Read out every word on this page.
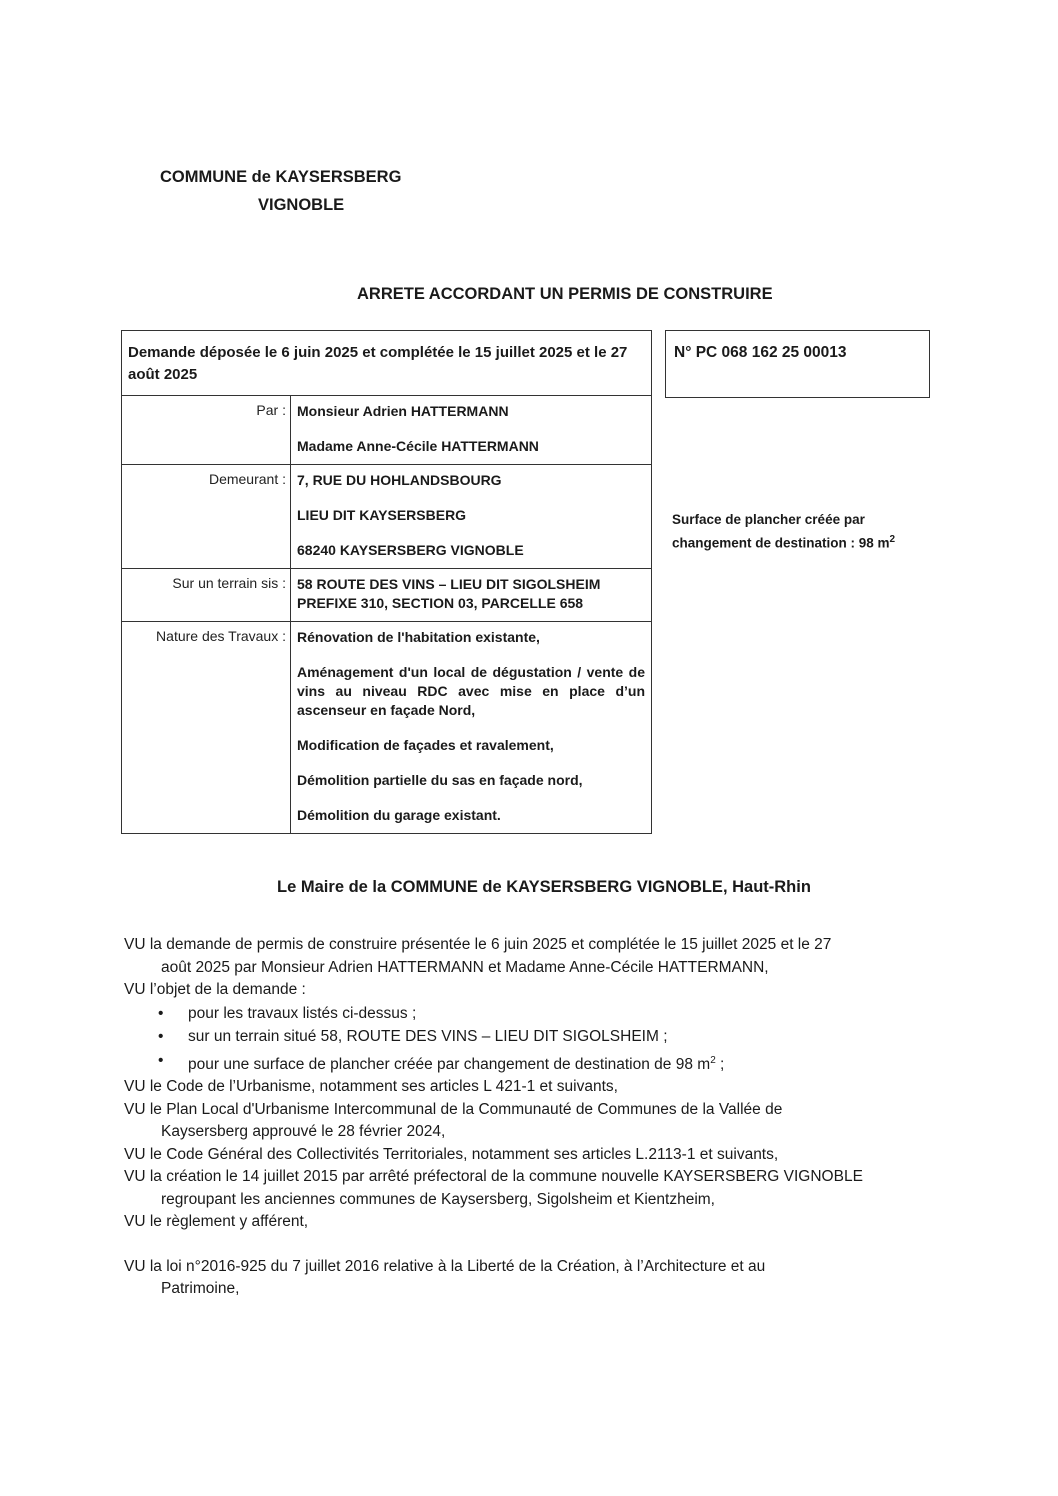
COMMUNE de KAYSERSBERG
VIGNOBLE
ARRETE ACCORDANT UN PERMIS DE CONSTRUIRE
Demande déposée le 6 juin 2025 et complétée le 15 juillet 2025 et le 27 août 2025	
Par :	Monsieur Adrien HATTERMANN

Madame Anne-Cécile HATTERMANN

Demeurant :	7, RUE DU HOHLANDSBOURG

LIEU DIT KAYSERSBERG

68240 KAYSERSBERG VIGNOBLE

Sur un terrain sis :	58 ROUTE DES VINS – LIEU DIT SIGOLSHEIM

PREFIXE 310, SECTION 03, PARCELLE 658

Nature des Travaux :	Rénovation de l'habitation existante,

Aménagement d'un local de dégustation / vente de vins au niveau RDC avec mise en place d’un ascenseur en façade Nord,

Modification de façades et ravalement,

Démolition partielle du sas en façade nord,

Démolition du garage existant.

N° PC 068 162 25 00013
Surface de plancher créée par
changement de destination : 98 $m^2$
Le Maire de la COMMUNE de KAYSERSBERG VIGNOBLE, Haut-Rhin

VU la demande de permis de construire présentée le 6 juin 2025 et complétée le 15 juillet 2025 et le 27
août 2025 par Monsieur Adrien HATTERMANN et Madame Anne-Cécile HATTERMANN,

VU l’objet de la demande :

• pour les travaux listés ci-dessus ;
• sur un terrain situé 58, ROUTE DES VINS – LIEU DIT SIGOLSHEIM ;
• pour une surface de plancher créée par changement de destination de 98 $m^2$ ;

VU le Code de l’Urbanisme, notamment ses articles L 421-1 et suivants,

VU le Plan Local d'Urbanisme Intercommunal de la Communauté de Communes de la Vallée de
Kaysersberg approuvé le 28 février 2024,

VU le Code Général des Collectivités Territoriales, notamment ses articles L.2113-1 et suivants,

VU la création le 14 juillet 2015 par arrêté préfectoral de la commune nouvelle KAYSERSBERG VIGNOBLE
regroupant les anciennes communes de Kaysersberg, Sigolsheim et Kientzheim,

VU le règlement y afférent,

VU la loi n°2016-925 du 7 juillet 2016 relative à la Liberté de la Création, à l’Architecture et au
Patrimoine,
